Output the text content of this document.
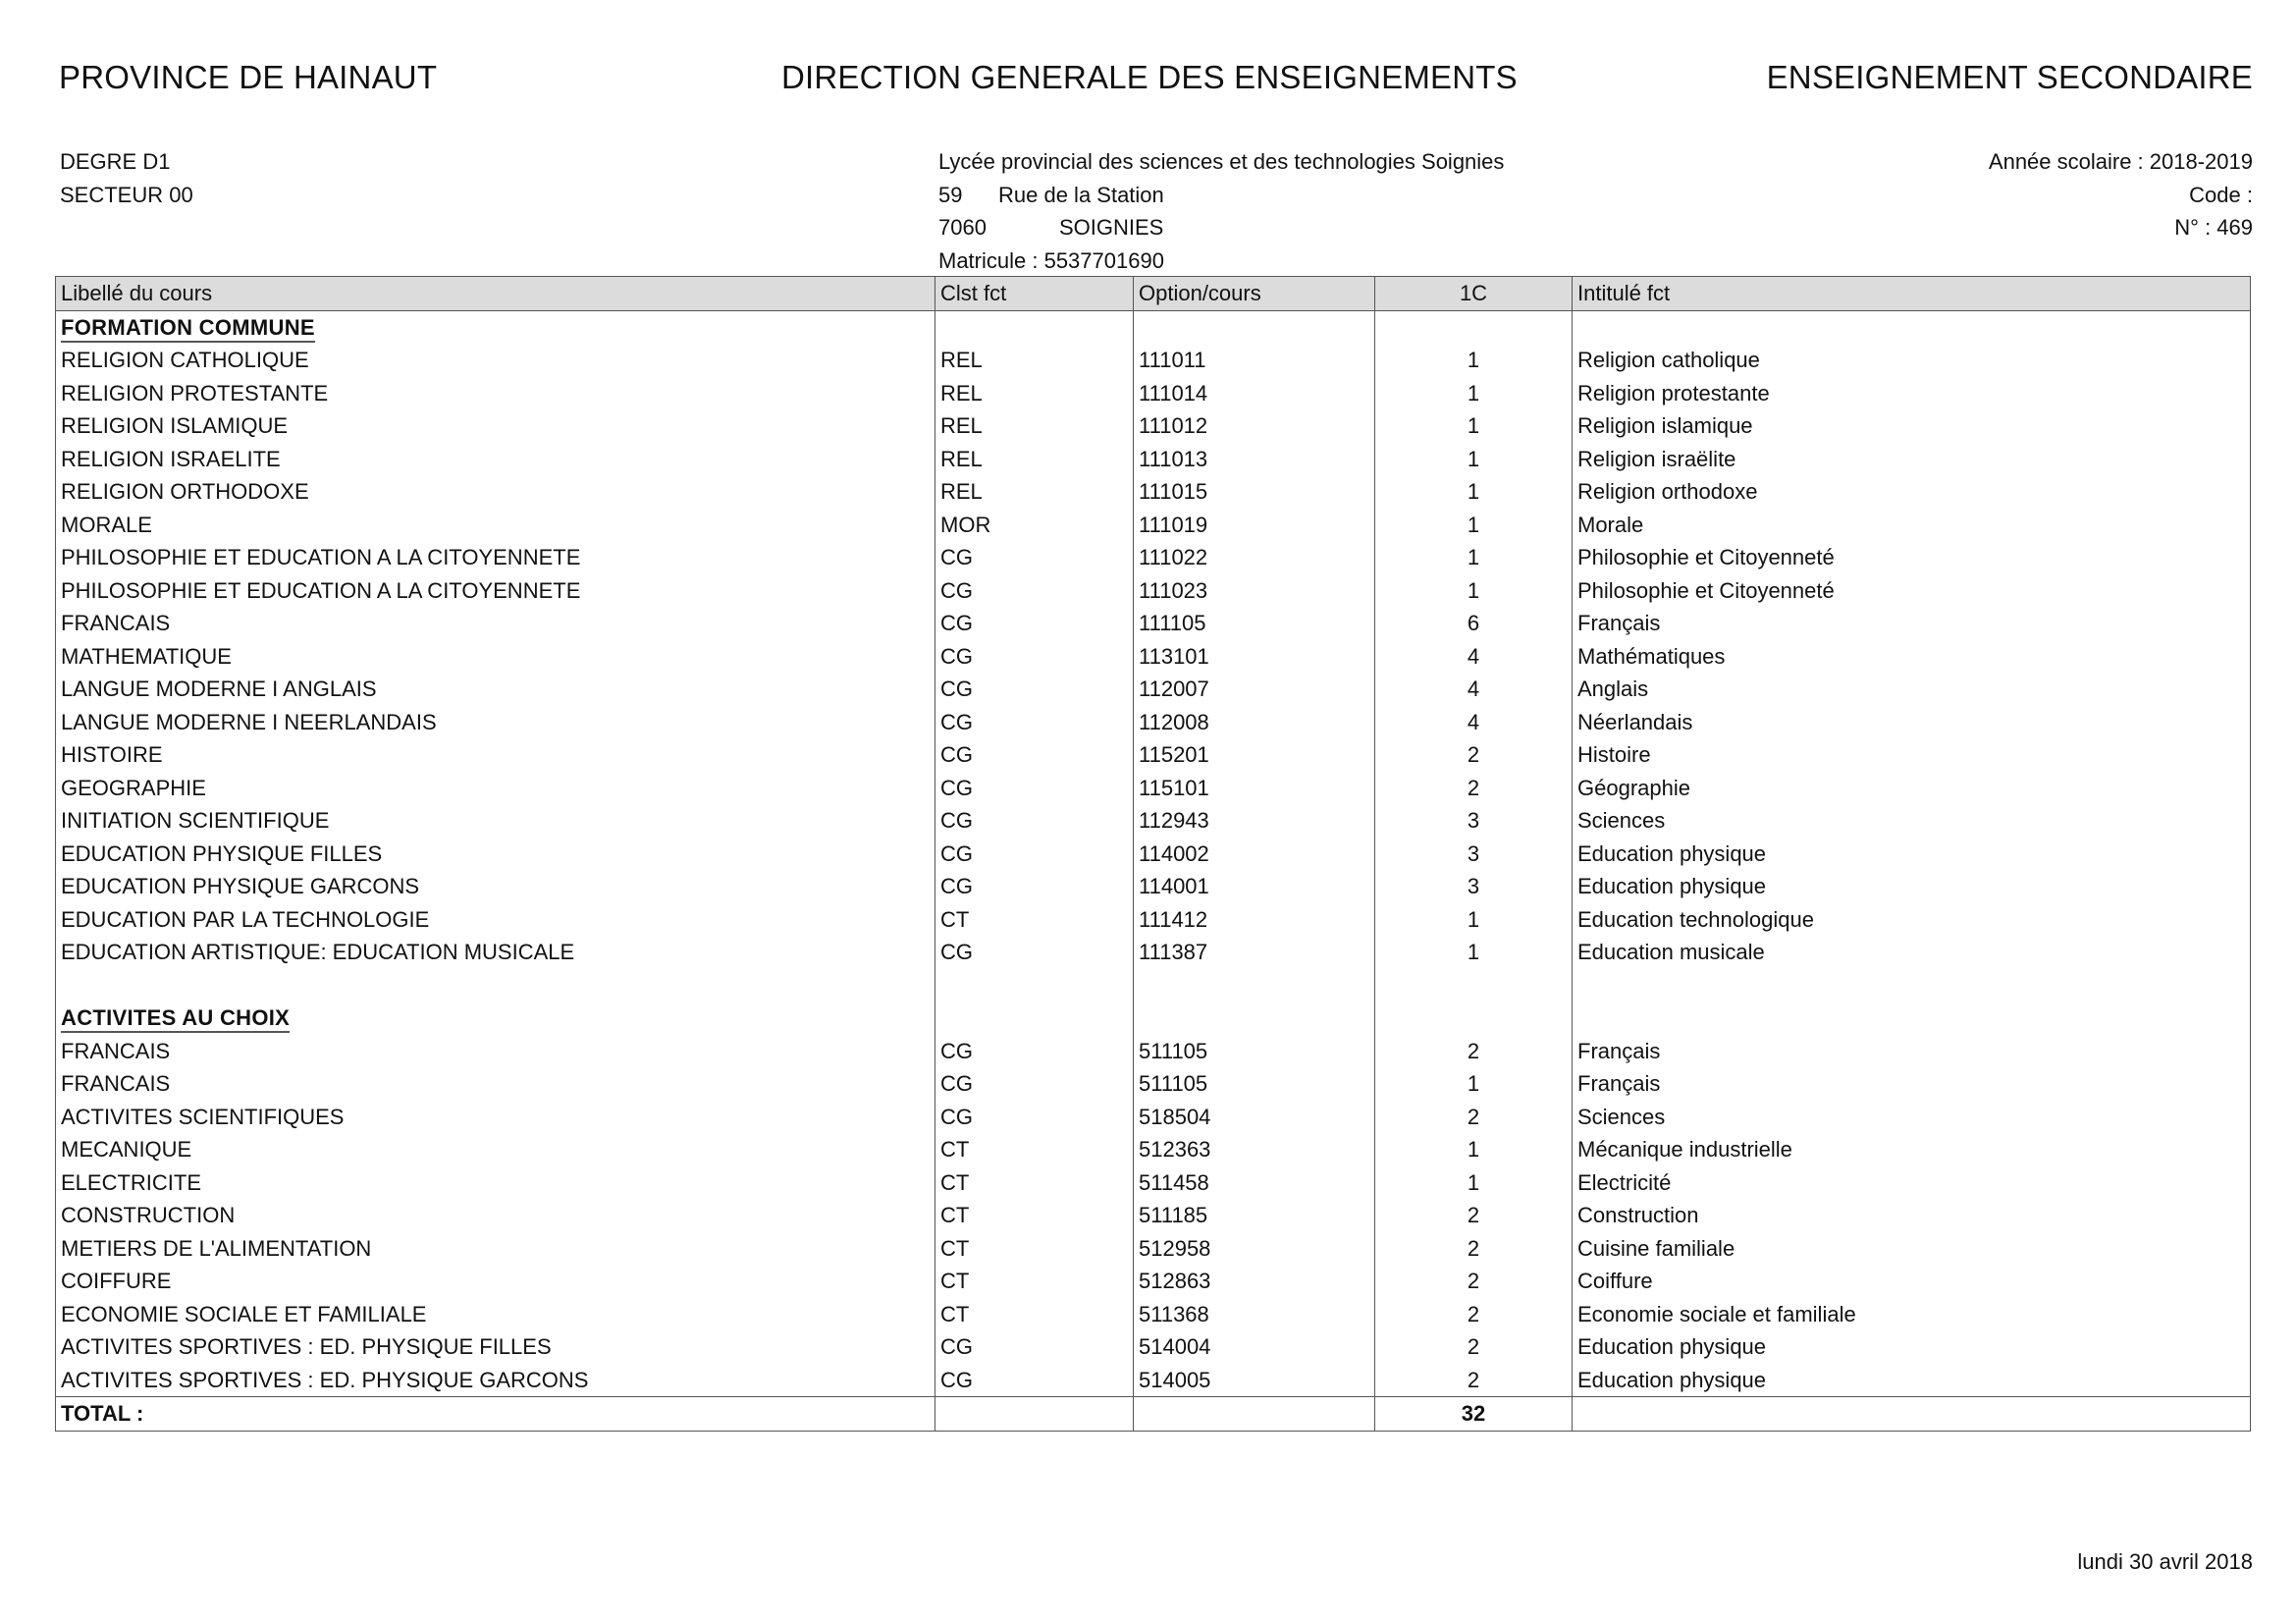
PROVINCE DE HAINAUT	DIRECTION GENERALE DES ENSEIGNEMENTS	ENSEIGNEMENT SECONDAIRE
DEGRE D1
SECTEUR 00
Lycée provincial des sciences et des technologies Soignies
59 Rue de la Station
7060	SOIGNIES
Matricule : 5537701690
Année scolaire : 2018-2019
Code :
N° : 469
Libellé du cours	Clst fct	Option/cours	1C	Intitulé fct
FORMATION COMMUNE				
RELIGION CATHOLIQUE	REL	111011	1	Religion catholique
RELIGION PROTESTANTE	REL	111014	1	Religion protestante
RELIGION ISLAMIQUE	REL	111012	1	Religion islamique
RELIGION ISRAELITE	REL	111013	1	Religion israëlite
RELIGION ORTHODOXE	REL	111015	1	Religion orthodoxe
MORALE	MOR	111019	1	Morale
PHILOSOPHIE ET EDUCATION A LA CITOYENNETE	CG	111022	1	Philosophie et Citoyenneté
PHILOSOPHIE ET EDUCATION A LA CITOYENNETE	CG	111023	1	Philosophie et Citoyenneté
FRANCAIS	CG	111105	6	Français
MATHEMATIQUE	CG	113101	4	Mathématiques
LANGUE MODERNE I ANGLAIS	CG	112007	4	Anglais
LANGUE MODERNE I NEERLANDAIS	CG	112008	4	Néerlandais
HISTOIRE	CG	115201	2	Histoire
GEOGRAPHIE	CG	115101	2	Géographie
INITIATION SCIENTIFIQUE	CG	112943	3	Sciences
EDUCATION PHYSIQUE FILLES	CG	114002	3	Education physique
EDUCATION PHYSIQUE GARCONS	CG	114001	3	Education physique
EDUCATION PAR LA TECHNOLOGIE	CT	111412	1	Education technologique
EDUCATION ARTISTIQUE: EDUCATION MUSICALE	CG	111387	1	Education musicale

ACTIVITES AU CHOIX				
FRANCAIS	CG	511105	2	Français
FRANCAIS	CG	511105	1	Français
ACTIVITES SCIENTIFIQUES	CG	518504	2	Sciences
MECANIQUE	CT	512363	1	Mécanique industrielle
ELECTRICITE	CT	511458	1	Electricité
CONSTRUCTION	CT	511185	2	Construction
METIERS DE L'ALIMENTATION	CT	512958	2	Cuisine familiale
COIFFURE	CT	512863	2	Coiffure
ECONOMIE SOCIALE ET FAMILIALE	CT	511368	2	Economie sociale et familiale
ACTIVITES SPORTIVES : ED. PHYSIQUE FILLES	CG	514004	2	Education physique
ACTIVITES SPORTIVES : ED. PHYSIQUE GARCONS	CG	514005	2	Education physique
TOTAL :			32	
lundi 30 avril 2018
